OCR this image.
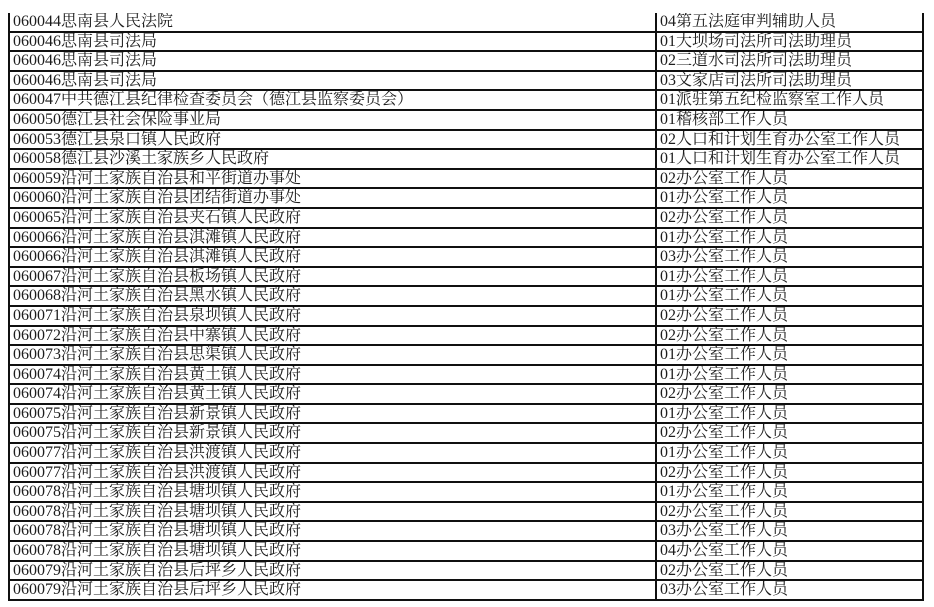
060044思南县人民法院	04第五法庭审判辅助人员
060046思南县司法局	01大坝场司法所司法助理员
060046思南县司法局	02三道水司法所司法助理员
060046思南县司法局	03文家店司法所司法助理员
060047中共德江县纪律检查委员会（德江县监察委员会）	01派驻第五纪检监察室工作人员
060050德江县社会保险事业局	01稽核部工作人员
060053德江县泉口镇人民政府	02人口和计划生育办公室工作人员
060058德江县沙溪土家族乡人民政府	01人口和计划生育办公室工作人员
060059沿河土家族自治县和平街道办事处	02办公室工作人员
060060沿河土家族自治县团结街道办事处	01办公室工作人员
060065沿河土家族自治县夹石镇人民政府	02办公室工作人员
060066沿河土家族自治县淇滩镇人民政府	01办公室工作人员
060066沿河土家族自治县淇滩镇人民政府	03办公室工作人员
060067沿河土家族自治县板场镇人民政府	01办公室工作人员
060068沿河土家族自治县黑水镇人民政府	01办公室工作人员
060071沿河土家族自治县泉坝镇人民政府	02办公室工作人员
060072沿河土家族自治县中寨镇人民政府	02办公室工作人员
060073沿河土家族自治县思渠镇人民政府	01办公室工作人员
060074沿河土家族自治县黄土镇人民政府	01办公室工作人员
060074沿河土家族自治县黄土镇人民政府	02办公室工作人员
060075沿河土家族自治县新景镇人民政府	01办公室工作人员
060075沿河土家族自治县新景镇人民政府	02办公室工作人员
060077沿河土家族自治县洪渡镇人民政府	01办公室工作人员
060077沿河土家族自治县洪渡镇人民政府	02办公室工作人员
060078沿河土家族自治县塘坝镇人民政府	01办公室工作人员
060078沿河土家族自治县塘坝镇人民政府	02办公室工作人员
060078沿河土家族自治县塘坝镇人民政府	03办公室工作人员
060078沿河土家族自治县塘坝镇人民政府	04办公室工作人员
060079沿河土家族自治县后坪乡人民政府	02办公室工作人员
060079沿河土家族自治县后坪乡人民政府	03办公室工作人员
